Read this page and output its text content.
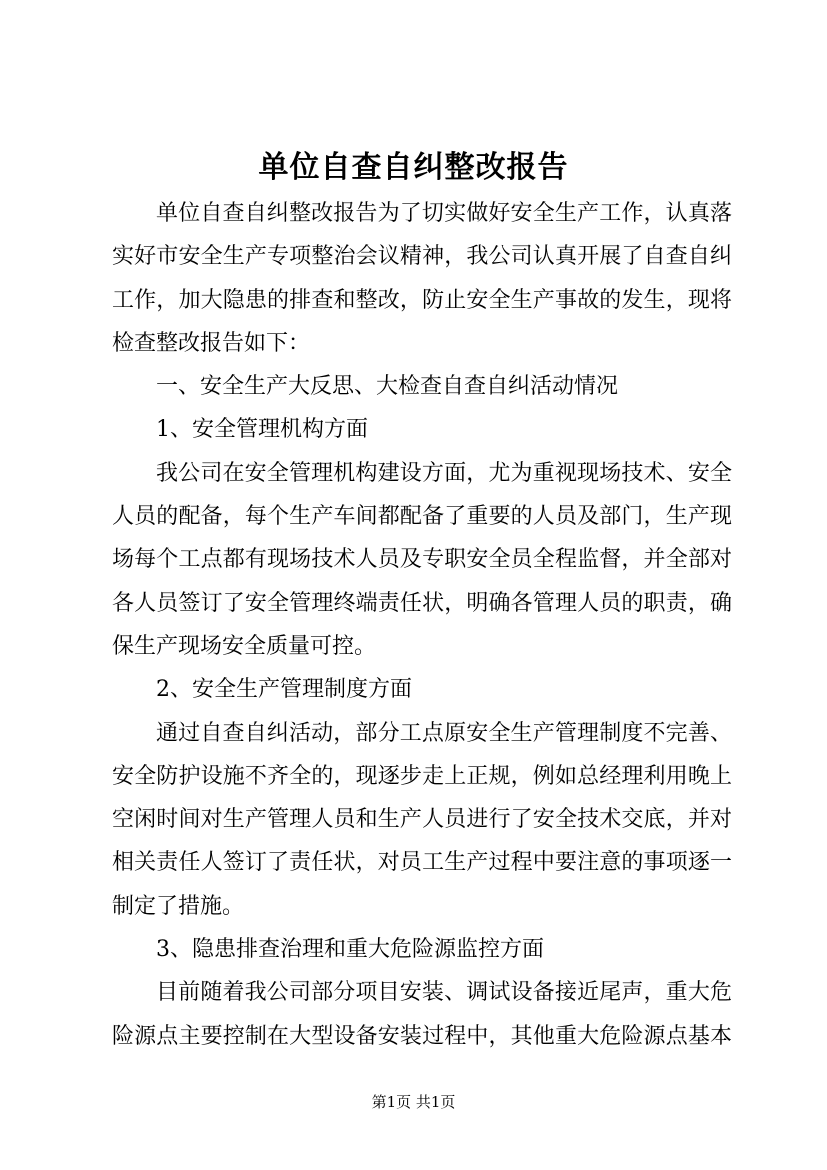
单位自查自纠整改报告
单位自查自纠整改报告为了切实做好安全生产工作，认真落
实好市安全生产专项整治会议精神，我公司认真开展了自查自纠
工作，加大隐患的排查和整改，防止安全生产事故的发生，现将
检查整改报告如下：
一、安全生产大反思、大检查自查自纠活动情况
1、安全管理机构方面
我公司在安全管理机构建设方面，尤为重视现场技术、安全
人员的配备，每个生产车间都配备了重要的人员及部门，生产现
场每个工点都有现场技术人员及专职安全员全程监督，并全部对
各人员签订了安全管理终端责任状，明确各管理人员的职责，确
保生产现场安全质量可控。
2、安全生产管理制度方面
通过自查自纠活动，部分工点原安全生产管理制度不完善、
安全防护设施不齐全的，现逐步走上正规，例如总经理利用晚上
空闲时间对生产管理人员和生产人员进行了安全技术交底，并对
相关责任人签订了责任状，对员工生产过程中要注意的事项逐一
制定了措施。
3、隐患排查治理和重大危险源监控方面
目前随着我公司部分项目安装、调试设备接近尾声，重大危
险源点主要控制在大型设备安装过程中，其他重大危险源点基本
第1页 共1页
